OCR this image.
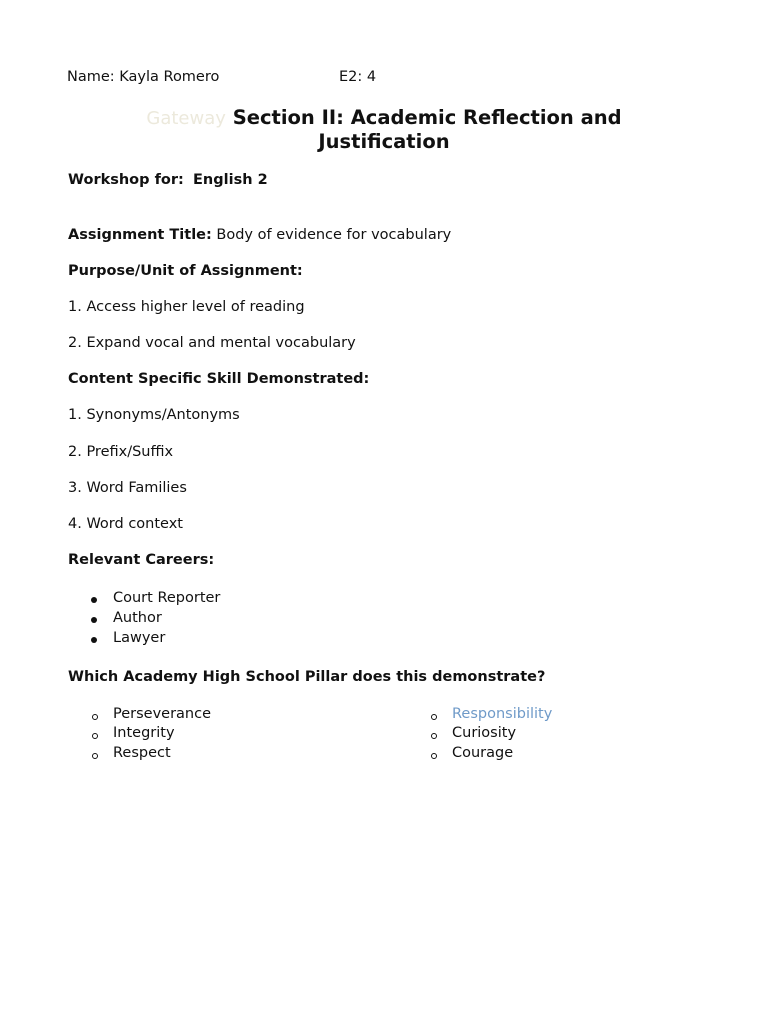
Name: Kayla Romero	E2: 4
Gateway Section II: Academic Reflection and
Justification
Workshop for: English 2
Assignment Title: Body of evidence for vocabulary
Purpose/Unit of Assignment:
1. Access higher level of reading
2. Expand vocal and mental vocabulary
Content Specific Skill Demonstrated:
1. Synonyms/Antonyms
2. Prefix/Suffix
3. Word Families
4. Word context
Relevant Careers:
Court Reporter
Author
Lawyer
Which Academy High School Pillar does this demonstrate?
Perseverance
Integrity
Respect
Responsibility
Curiosity
Courage
